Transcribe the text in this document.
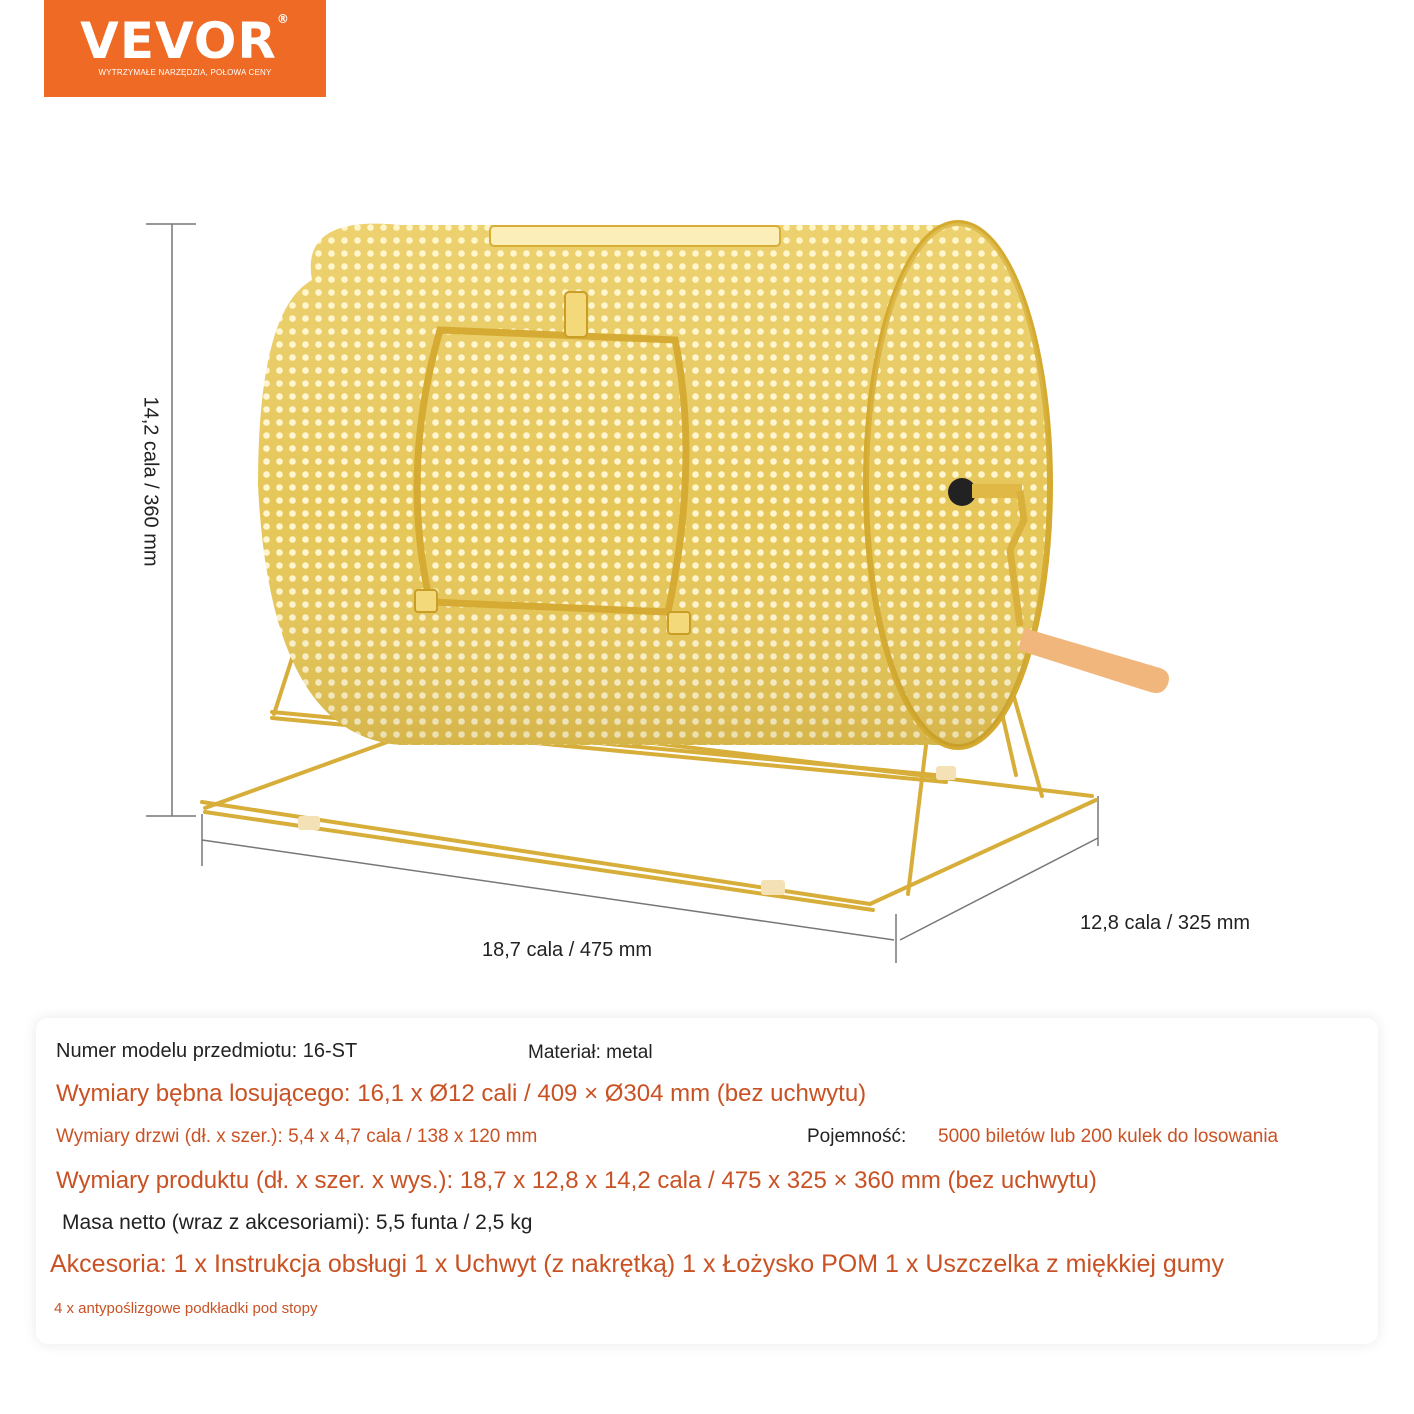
VEVOR®
WYTRZYMAŁE NARZĘDZIA, POŁOWA CENY
14,2 cala / 360 mm
18,7 cala / 475 mm
12,8 cala / 325 mm
Numer modelu przedmiotu: 16-ST	Materiał: metal
Wymiary bębna losującego: 16,1 x Ø12 cali / 409 × Ø304 mm (bez uchwytu)
Wymiary drzwi (dł. x szer.): 5,4 x 4,7 cala / 138 x 120 mm	Pojemność: 5000 biletów lub 200 kulek do losowania
Wymiary produktu (dł. x szer. x wys.): 18,7 x 12,8 x 14,2 cala / 475 x 325 × 360 mm (bez uchwytu)
Masa netto (wraz z akcesoriami): 5,5 funta / 2,5 kg
Akcesoria: 1 x Instrukcja obsługi 1 x Uchwyt (z nakrętką) 1 x Łożysko POM 1 x Uszczelka z miękkiej gumy
4 x antypoślizgowe podkładki pod stopy
